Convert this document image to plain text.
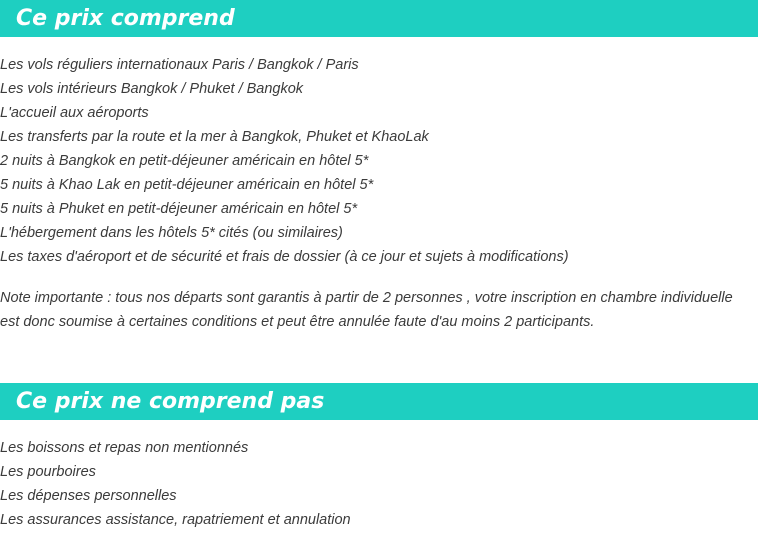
Ce prix comprend
Les vols réguliers internationaux Paris / Bangkok / Paris
Les vols intérieurs Bangkok / Phuket / Bangkok
L'accueil aux aéroports
Les transferts par la route et la mer à Bangkok, Phuket et KhaoLak
2 nuits à Bangkok en petit-déjeuner américain en hôtel 5*
5 nuits à Khao Lak en petit-déjeuner américain en hôtel 5*
5 nuits à Phuket en petit-déjeuner américain en hôtel 5*
L'hébergement dans les hôtels 5* cités (ou similaires)
Les taxes d'aéroport et de sécurité et frais de dossier (à ce jour et sujets à modifications)

Note importante : tous nos départs sont garantis à partir de 2 personnes , votre inscription en chambre individuelle est donc soumise à certaines conditions et peut être annulée faute d'au moins 2 participants.

Ce prix ne comprend pas
Les boissons et repas non mentionnés
Les pourboires
Les dépenses personnelles
Les assurances assistance, rapatriement et annulation
